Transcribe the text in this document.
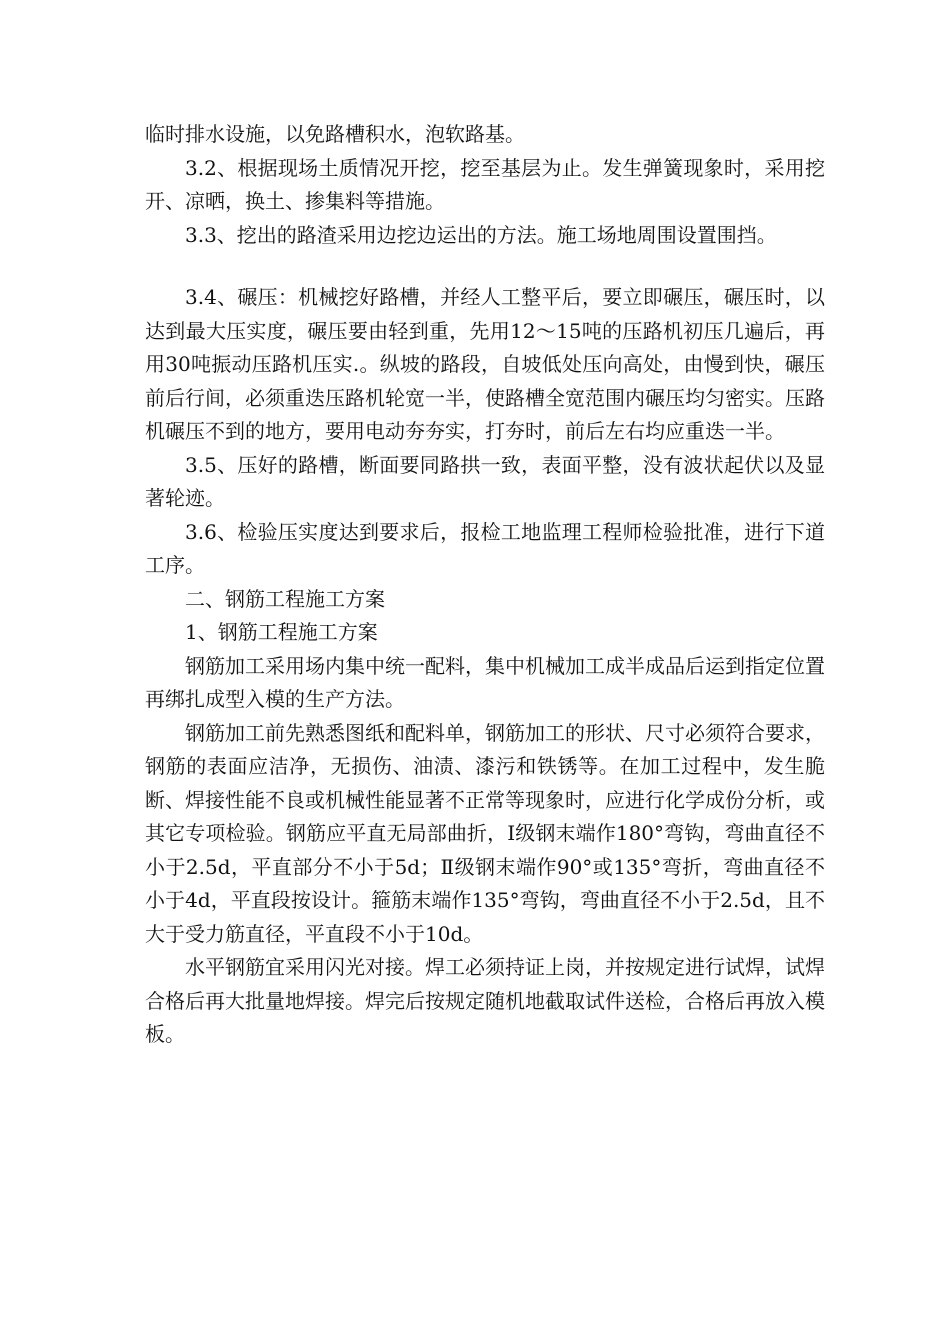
临时排水设施，以免路槽积水，泡软路基。

3.2、根据现场土质情况开挖，挖至基层为止。发生弹簧现象时，采用挖开、凉晒，换土、掺集料等措施。

3.3、挖出的路渣采用边挖边运出的方法。施工场地周围设置围挡。

3.4、碾压：机械挖好路槽，并经人工整平后，要立即碾压，碾压时，以达到最大压实度，碾压要由轻到重，先用12～15吨的压路机初压几遍后，再用30吨振动压路机压实.。纵坡的路段，自坡低处压向高处，由慢到快，碾压前后行间，必须重迭压路机轮宽一半，使路槽全宽范围内碾压均匀密实。压路机碾压不到的地方，要用电动夯夯实，打夯时，前后左右均应重迭一半。

3.5、压好的路槽，断面要同路拱一致，表面平整，没有波状起伏以及显著轮迹。

3.6、检验压实度达到要求后，报检工地监理工程师检验批准，进行下道工序。

二、钢筋工程施工方案

1、钢筋工程施工方案

钢筋加工采用场内集中统一配料，集中机械加工成半成品后运到指定位置再绑扎成型入模的生产方法。

钢筋加工前先熟悉图纸和配料单，钢筋加工的形状、尺寸必须符合要求，钢筋的表面应洁净，无损伤、油渍、漆污和铁锈等。在加工过程中，发生脆断、焊接性能不良或机械性能显著不正常等现象时，应进行化学成份分析，或其它专项检验。钢筋应平直无局部曲折，Ⅰ级钢末端作180°弯钩，弯曲直径不小于2.5d，平直部分不小于5d；Ⅱ级钢末端作90°或135°弯折，弯曲直径不小于4d，平直段按设计。箍筋末端作135°弯钩，弯曲直径不小于2.5d，且不大于受力筋直径，平直段不小于10d。

水平钢筋宜采用闪光对接。焊工必须持证上岗，并按规定进行试焊，试焊合格后再大批量地焊接。焊完后按规定随机地截取试件送检，合格后再放入模板。
